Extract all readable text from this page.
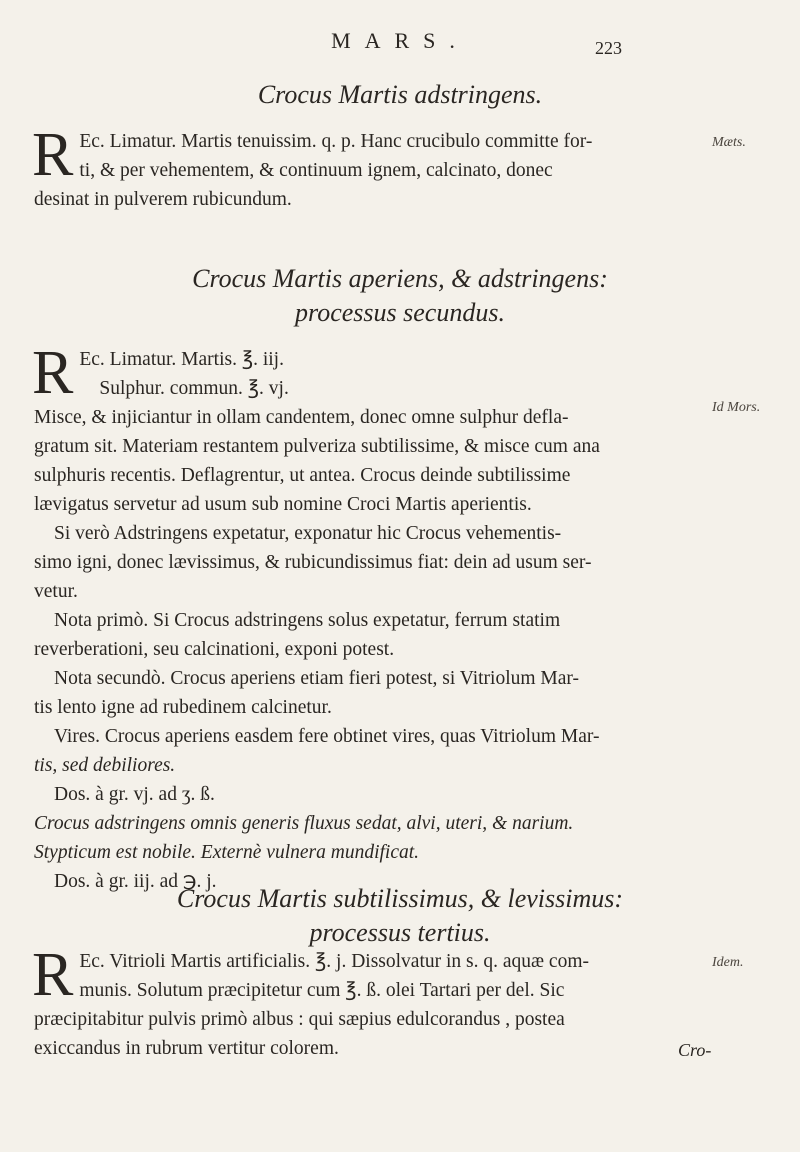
MARS.	223
Crocus Martis adstringens.
R Ec. Limatur. Martis tenuissim. q. p. Hanc crucibulo committe for-
ti, & per vehementem, & continuum ignem, calcinato, donec
desinat in pulverem rubicundum.
Mæts.
Crocus Martis aperiens, & adstringens:
processus secundus.
R Ec. Limatur. Martis. ℥. iij.
Sulphur. commun. ℥. vj.
Misce, & injiciantur in ollam candentem, donec omne sulphur defla-
gratum sit. Materiam restantem pulveriza subtilissime, & misce cum ana
sulphuris recentis. Deflagrentur, ut antea. Crocus deinde subtilissime
lævigatus servetur ad usum sub nomine Croci Martis aperientis.
Si verò Adstringens expetatur, exponatur hic Crocus vehementis-
simo igni, donec lævissimus, & rubicundissimus fiat: dein ad usum ser-
vetur.
Nota primò. Si Crocus adstringens solus expetatur, ferrum statim
reverberationi, seu calcinationi, exponi potest.
Nota secundò. Crocus aperiens etiam fieri potest, si Vitriolum Mar-
tis lento igne ad rubedinem calcinetur.
Vires. Crocus aperiens easdem fere obtinet vires, quas Vitriolum Mar-
tis, sed debiliores.
Dos. à gr. vj. ad ʒ. ß.
Crocus adstringens omnis generis fluxus sedat, alvi, uteri, & narium.
Stypticum est nobile. Externè vulnera mundificat.
Dos. à gr. iij. ad ℈. j.
Id Mors.
Crocus Martis subtilissimus, & levissimus:
processus tertius.
R Ec. Vitrioli Martis artificialis. ℥. j. Dissolvatur in s. q. aquæ com-
munis. Solutum præcipitetur cum ℥. ß. olei Tartari per del. Sic
præcipitabitur pulvis primò albus : qui sæpius edulcorandus , postea
exiccandus in rubrum vertitur colorem.
Idem.
Cro-
